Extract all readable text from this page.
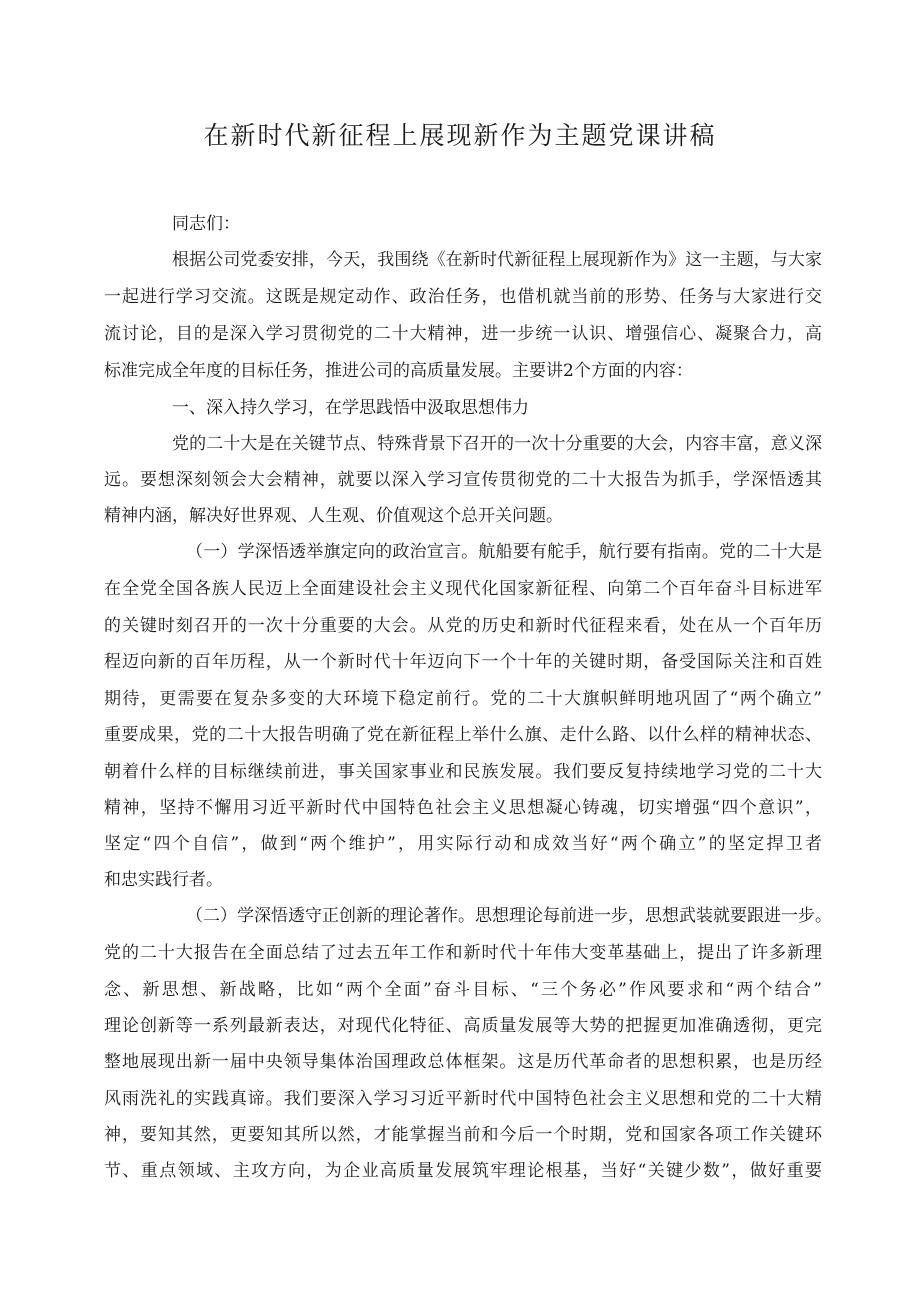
在新时代新征程上展现新作为主题党课讲稿
同志们：
根据公司党委安排，今天，我围绕《在新时代新征程上展现新作为》这一主题，与大家
一起进行学习交流。这既是规定动作、政治任务，也借机就当前的形势、任务与大家进行交
流讨论，目的是深入学习贯彻党的二十大精神，进一步统一认识、增强信心、凝聚合力，高
标准完成全年度的目标任务，推进公司的高质量发展。主要讲2个方面的内容：
一、深入持久学习，在学思践悟中汲取思想伟力
党的二十大是在关键节点、特殊背景下召开的一次十分重要的大会，内容丰富，意义深
远。要想深刻领会大会精神，就要以深入学习宣传贯彻党的二十大报告为抓手，学深悟透其
精神内涵，解决好世界观、人生观、价值观这个总开关问题。
（一）学深悟透举旗定向的政治宣言。航船要有舵手，航行要有指南。党的二十大是
在全党全国各族人民迈上全面建设社会主义现代化国家新征程、向第二个百年奋斗目标进军
的关键时刻召开的一次十分重要的大会。从党的历史和新时代征程来看，处在从一个百年历
程迈向新的百年历程，从一个新时代十年迈向下一个十年的关键时期，备受国际关注和百姓
期待，更需要在复杂多变的大环境下稳定前行。党的二十大旗帜鲜明地巩固了“两个确立”
重要成果，党的二十大报告明确了党在新征程上举什么旗、走什么路、以什么样的精神状态、
朝着什么样的目标继续前进，事关国家事业和民族发展。我们要反复持续地学习党的二十大
精神，坚持不懈用习近平新时代中国特色社会主义思想凝心铸魂，切实增强“四个意识”，
坚定“四个自信”，做到“两个维护”，用实际行动和成效当好“两个确立”的坚定捍卫者
和忠实践行者。
（二）学深悟透守正创新的理论著作。思想理论每前进一步，思想武装就要跟进一步。
党的二十大报告在全面总结了过去五年工作和新时代十年伟大变革基础上，提出了许多新理
念、新思想、新战略，比如“两个全面”奋斗目标、“三个务必”作风要求和“两个结合”
理论创新等一系列最新表达，对现代化特征、高质量发展等大势的把握更加准确透彻，更完
整地展现出新一届中央领导集体治国理政总体框架。这是历代革命者的思想积累，也是历经
风雨洗礼的实践真谛。我们要深入学习习近平新时代中国特色社会主义思想和党的二十大精
神，要知其然，更要知其所以然，才能掌握当前和今后一个时期，党和国家各项工作关键环
节、重点领域、主攻方向，为企业高质量发展筑牢理论根基，当好“关键少数”，做好重要
